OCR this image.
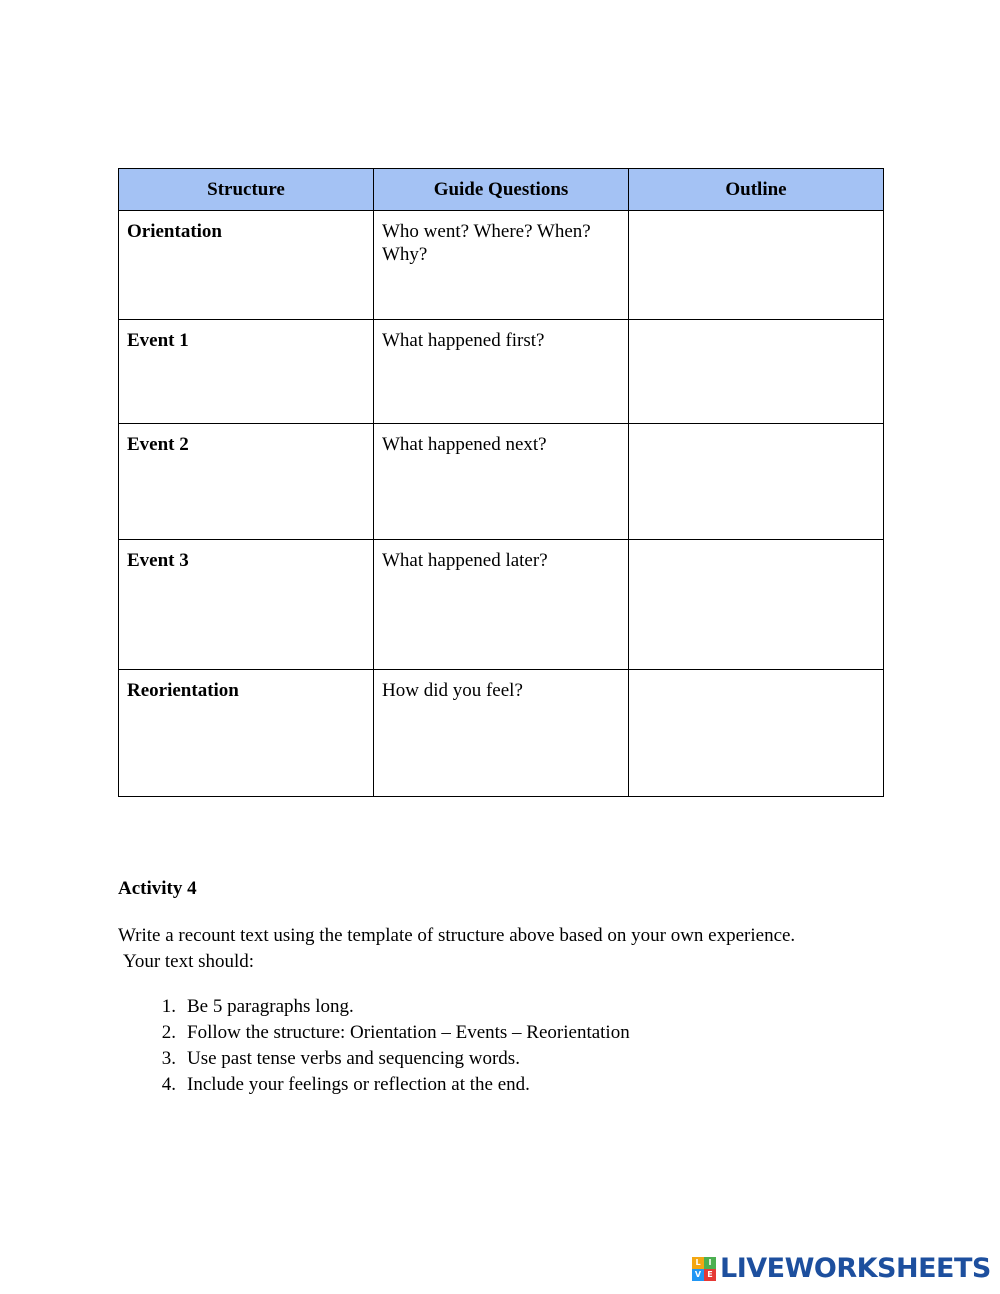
Structure	Guide Questions	Outline
Orientation	Who went? Where? When? Why?	
Event 1	What happened first?	
Event 2	What happened next?	
Event 3	What happened later?	
Reorientation	How did you feel?	

Activity 4

Write a recount text using the template of structure above based on your own experience.
Your text should:

1. Be 5 paragraphs long.
2. Follow the structure: Orientation – Events – Reorientation
3. Use past tense verbs and sequencing words.
4. Include your feelings or reflection at the end.
L I
V E LIVEWORKSHEETS
